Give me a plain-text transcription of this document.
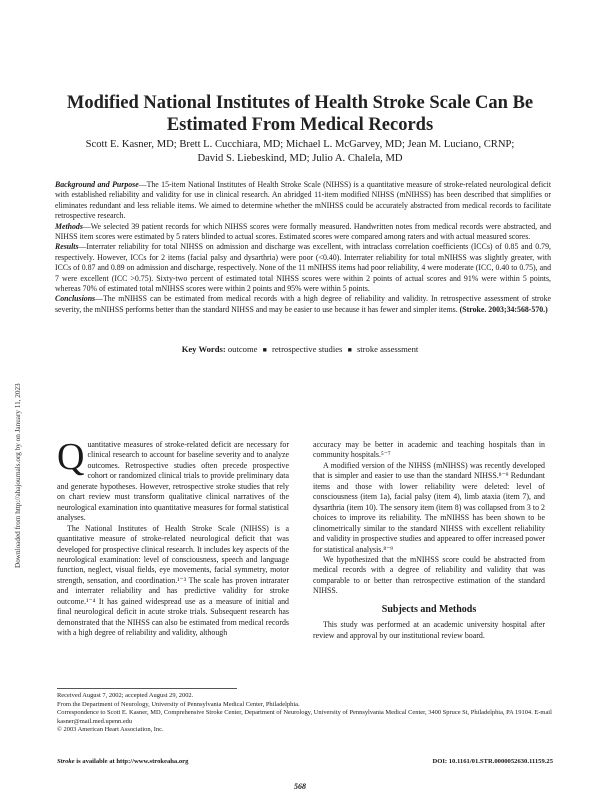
Modified National Institutes of Health Stroke Scale Can Be Estimated From Medical Records
Scott E. Kasner, MD; Brett L. Cucchiara, MD; Michael L. McGarvey, MD; Jean M. Luciano, CRNP;
David S. Liebeskind, MD; Julio A. Chalela, MD

Background and Purpose—The 15-item National Institutes of Health Stroke Scale (NIHSS) is a quantitative measure of stroke-related neurological deficit with established reliability and validity for use in clinical research. An abridged 11-item modified NIHSS (mNIHSS) has been described that simplifies or eliminates redundant and less reliable items. We aimed to determine whether the mNIHSS could be accurately abstracted from medical records to facilitate retrospective research.

Methods—We selected 39 patient records for which NIHSS scores were formally measured. Handwritten notes from medical records were abstracted, and NIHSS item scores were estimated by 5 raters blinded to actual scores. Estimated scores were compared among raters and with actual measured scores.

Results—Interrater reliability for total NIHSS on admission and discharge was excellent, with intraclass correlation coefficients (ICCs) of 0.85 and 0.79, respectively. However, ICCs for 2 items (facial palsy and dysarthria) were poor (<0.40). Interrater reliability for total mNIHSS was slightly greater, with ICCs of 0.87 and 0.89 on admission and discharge, respectively. None of the 11 mNIHSS items had poor reliability, 4 were moderate (ICC, 0.40 to 0.75), and 7 were excellent (ICC >0.75). Sixty-two percent of estimated total NIHSS scores were within 2 points of actual scores and 91% were within 5 points, whereas 70% of estimated total mNIHSS scores were within 2 points and 95% were within 5 points.

Conclusions—The mNIHSS can be estimated from medical records with a high degree of reliability and validity. In retrospective assessment of stroke severity, the mNIHSS performs better than the standard NIHSS and may be easier to use because it has fewer and simpler items. (Stroke. 2003;34:568-570.)

Key Words: outcome ■ retrospective studies ■ stroke assessment
Downloaded from http://ahajournals.org by on January 11, 2023 Quantitative measures of stroke-related deficit are necessary for clinical research to account for baseline severity and to analyze outcomes. Retrospective studies often precede prospective cohort or randomized clinical trials to provide preliminary data and generate hypotheses. However, retrospective stroke studies that rely on chart review must transform qualitative clinical narratives of the neurological examination into quantitative measures for formal statistical analyses.

The National Institutes of Health Stroke Scale (NIHSS) is a quantitative measure of stroke-related neurological deficit that was developed for prospective clinical research. It includes key aspects of the neurological examination: level of consciousness, speech and language function, neglect, visual fields, eye movements, facial symmetry, motor strength, sensation, and coordination.¹⁻³ The scale has proven intrarater and interrater reliability and has predictive validity for stroke outcome.¹⁻⁴ It has gained widespread use as a measure of initial and final neurological deficit in acute stroke trials. Subsequent research has demonstrated that the NIHSS can also be estimated from medical records with a high degree of reliability and validity, although

accuracy may be better in academic and teaching hospitals than in community hospitals.⁵⁻⁷

A modified version of the NIHSS (mNIHSS) was recently developed that is simpler and easier to use than the standard NIHSS.⁸⁻⁹ Redundant items and those with lower reliability were deleted: level of consciousness (item 1a), facial palsy (item 4), limb ataxia (item 7), and dysarthria (item 10). The sensory item (item 8) was collapsed from 3 to 2 choices to improve its reliability. The mNIHSS has been shown to be clinometrically similar to the standard NIHSS with excellent reliability and validity in prospective studies and appeared to offer increased power for statistical analysis.⁸⁻⁹

We hypothesized that the mNIHSS score could be abstracted from medical records with a degree of reliability and validity that was comparable to or better than retrospective estimation of the standard NIHSS.

Subjects and Methods

This study was performed at an academic university hospital after review and approval by our institutional review board.

Received August 7, 2002; accepted August 29, 2002.

From the Department of Neurology, University of Pennsylvania Medical Center, Philadelphia.

Correspondence to Scott E. Kasner, MD, Comprehensive Stroke Center, Department of Neurology, University of Pennsylvania Medical Center, 3400 Spruce St, Philadelphia, PA 19104. E-mail kasner@mail.med.upenn.edu

© 2003 American Heart Association, Inc.

Stroke is available at http://www.strokeaha.org	DOI: 10.1161/01.STR.0000052630.11159.25
568
